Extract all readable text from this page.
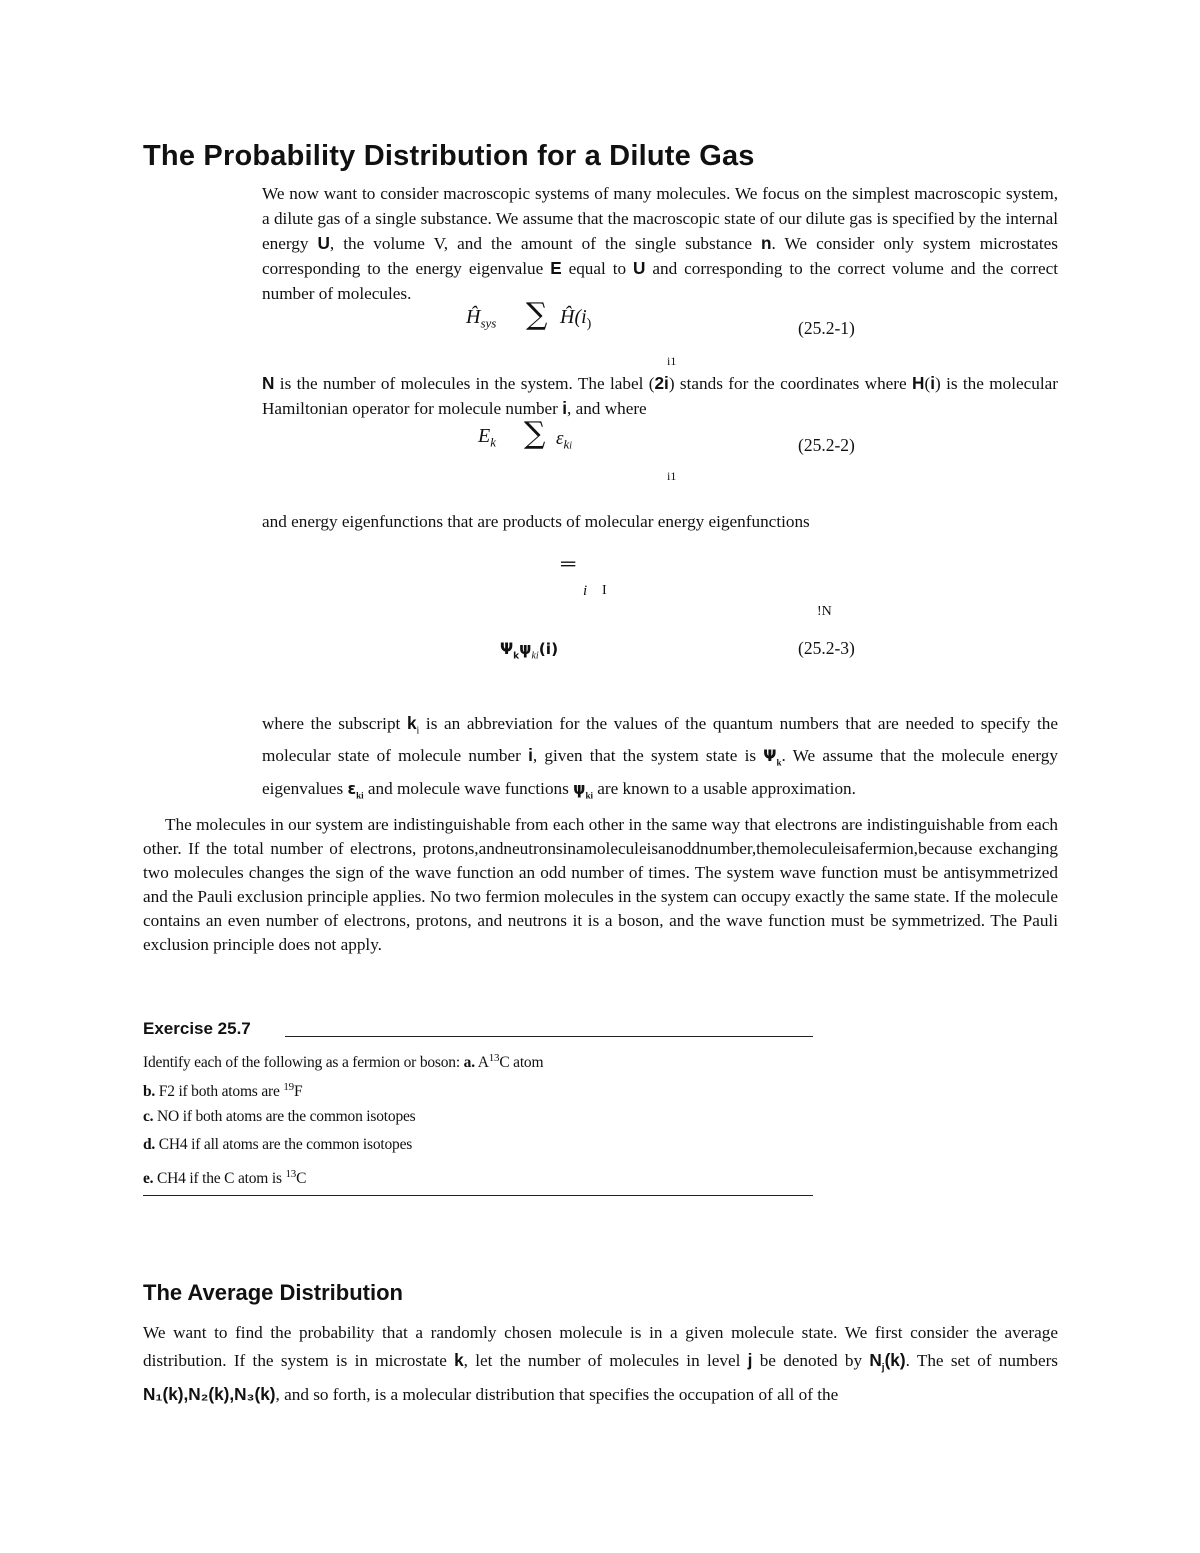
The Probability Distribution for a Dilute Gas
We now want to consider macroscopic systems of many molecules. We focus on the simplest macroscopic system, a dilute gas of a single substance. We assume that the macroscopic state of our dilute gas is specified by the internal energy U, the volume V, and the amount of the single substance n. We consider only system microstates corresponding to the energy eigenvalue E equal to U and corresponding to the correct volume and the correct number of molecules.
$Ĥ_{sys}$ ∑ $Ĥ(i_)$	(25.2-1)
i1
N is the number of molecules in the system. The label (2i) stands for the coordinates where H(i) is the molecular Hamiltonian operator for molecule number i, and where
$E_k$ ∑ $\varepsilon_{ki}$	(25.2-2)
i1
and energy eigenfunctions that are products of molecular energy eigenfunctions
═
i I
!N
$\Psi_k\psi_{ki}(i)$	(25.2-3)
where the subscript $k_i$ is an abbreviation for the values of the quantum numbers that are needed to specify the molecular state of molecule number i, given that the system state is $\Psi_k$. We assume that the molecule energy eigenvalues $\varepsilon_{ki}$ and molecule wave functions $\psi_{ki}$ are known to a usable approximation.
The molecules in our system are indistinguishable from each other in the same way that electrons are indistinguishable from each other. If the total number of electrons, protons,andneutronsinamoleculeisanoddnumber,themoleculeisafermion,because exchanging two molecules changes the sign of the wave function an odd number of times. The system wave function must be antisymmetrized and the Pauli exclusion principle applies. No two fermion molecules in the system can occupy exactly the same state. If the molecule contains an even number of electrons, protons, and neutrons it is a boson, and the wave function must be symmetrized. The Pauli exclusion principle does not apply.
Exercise 25.7
Identify each of the following as a fermion or boson: a. $A^{13}C$ atom
b. F2 if both atoms are $^{19}$F
c. NO if both atoms are the common isotopes
d. CH4 if all atoms are the common isotopes
e. CH4 if the C atom is $^{13}$C
The Average Distribution
We want to find the probability that a randomly chosen molecule is in a given molecule state. We first consider the average distribution. If the system is in microstate k, let the number of molecules in level j be denoted by $N_j(k)$. The set of numbers N₁(k),N₂(k),N₃(k), and so forth, is a molecular distribution that specifies the occupation of all of the
